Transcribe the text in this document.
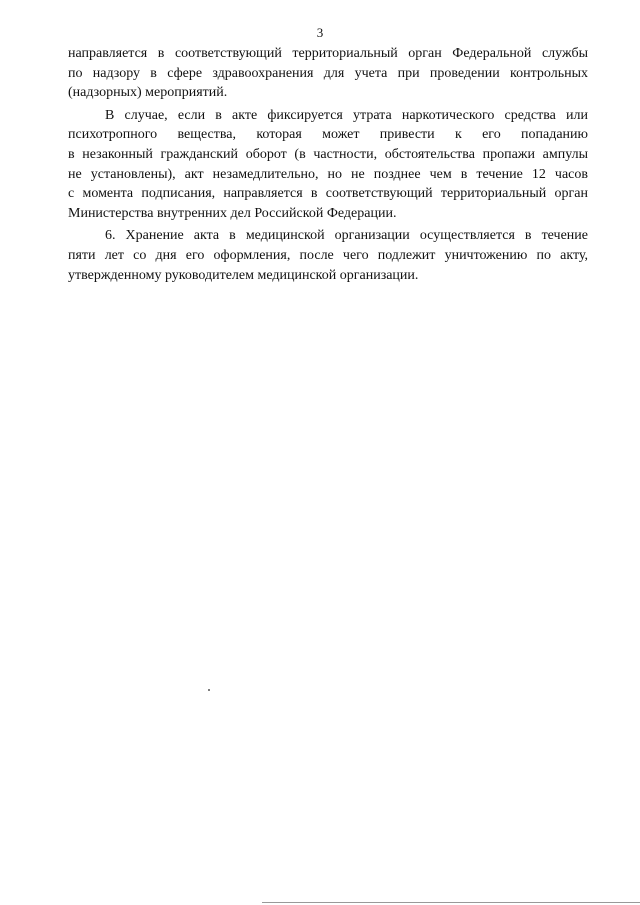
3
направляется в соответствующий территориальный орган Федеральной службы
по надзору в сфере здравоохранения для учета при проведении контрольных
(надзорных) мероприятий.
В случае, если в акте фиксируется утрата наркотического средства или
психотропного вещества, которая может привести к его попаданию
в незаконный гражданский оборот (в частности, обстоятельства пропажи ампулы
не установлены), акт незамедлительно, но не позднее чем в течение 12 часов
с момента подписания, направляется в соответствующий территориальный орган
Министерства внутренних дел Российской Федерации.
6. Хранение акта в медицинской организации осуществляется в течение
пяти лет со дня его оформления, после чего подлежит уничтожению по акту,
утвержденному руководителем медицинской организации.
